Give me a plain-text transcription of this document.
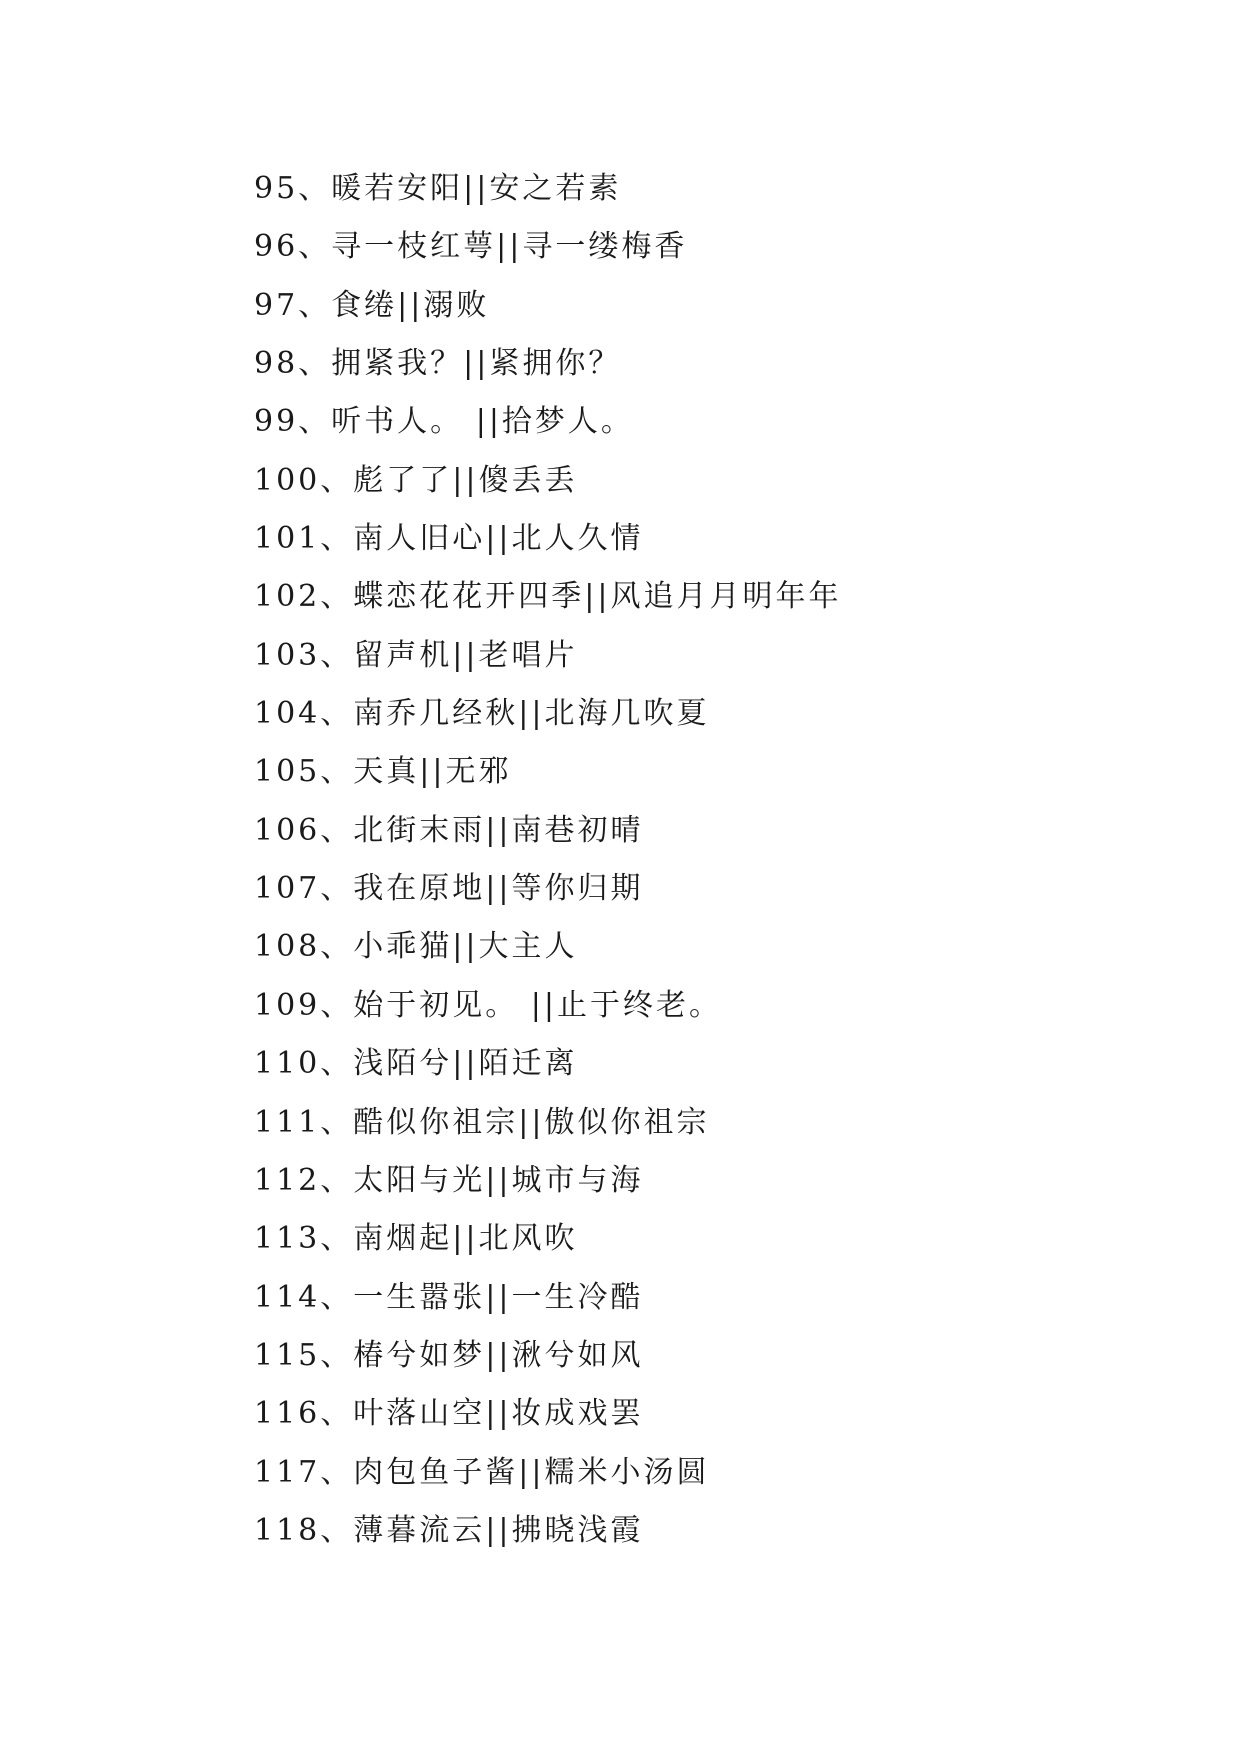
95、暖若安阳||安之若素
96、寻一枝红萼||寻一缕梅香
97、食绻||溺败
98、拥紧我？||紧拥你？
99、听书人。 ||拾梦人。
100、彪了了||傻丢丢
101、南人旧心||北人久情
102、蝶恋花花开四季||风追月月明年年
103、留声机||老唱片
104、南乔几经秋||北海几吹夏
105、天真||无邪
106、北街末雨||南巷初晴
107、我在原地||等你归期
108、小乖猫||大主人
109、始于初见。 ||止于终老。
110、浅陌兮||陌迁离
111、酷似你祖宗||傲似你祖宗
112、太阳与光||城市与海
113、南烟起||北风吹
114、一生嚣张||一生冷酷
115、椿兮如梦||湫兮如风
116、叶落山空||妆成戏罢
117、肉包鱼子酱||糯米小汤圆
118、薄暮流云||拂晓浅霞
